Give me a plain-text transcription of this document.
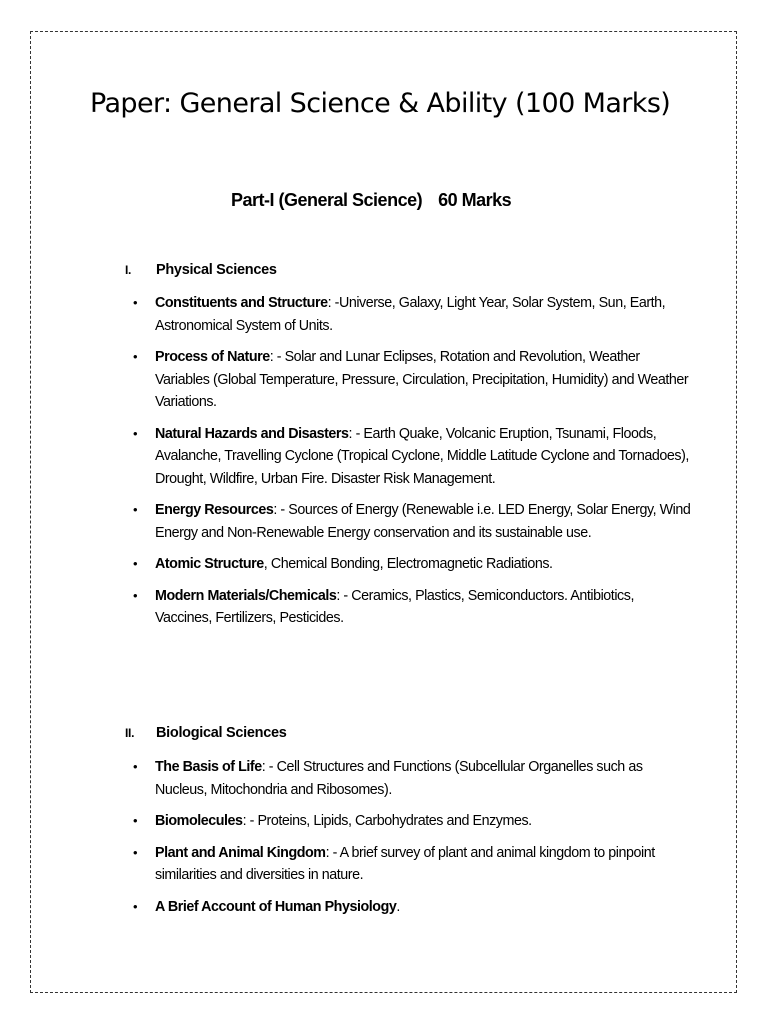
Paper: General Science & Ability (100 Marks)
Part-I (General Science) 60 Marks
I. Physical Sciences
• Constituents and Structure: -Universe, Galaxy, Light Year, Solar System, Sun, Earth, Astronomical System of Units.
• Process of Nature: - Solar and Lunar Eclipses, Rotation and Revolution, Weather Variables (Global Temperature, Pressure, Circulation, Precipitation, Humidity) and Weather Variations.
• Natural Hazards and Disasters: - Earth Quake, Volcanic Eruption, Tsunami, Floods, Avalanche, Travelling Cyclone (Tropical Cyclone, Middle Latitude Cyclone and Tornadoes), Drought, Wildfire, Urban Fire. Disaster Risk Management.
• Energy Resources: - Sources of Energy (Renewable i.e. LED Energy, Solar Energy, Wind Energy and Non-Renewable Energy conservation and its sustainable use.
• Atomic Structure, Chemical Bonding, Electromagnetic Radiations.
• Modern Materials/Chemicals: - Ceramics, Plastics, Semiconductors. Antibiotics, Vaccines, Fertilizers, Pesticides.
II. Biological Sciences
• The Basis of Life: - Cell Structures and Functions (Subcellular Organelles such as Nucleus, Mitochondria and Ribosomes).
• Biomolecules: - Proteins, Lipids, Carbohydrates and Enzymes.
• Plant and Animal Kingdom: - A brief survey of plant and animal kingdom to pinpoint similarities and diversities in nature.
• A Brief Account of Human Physiology.
